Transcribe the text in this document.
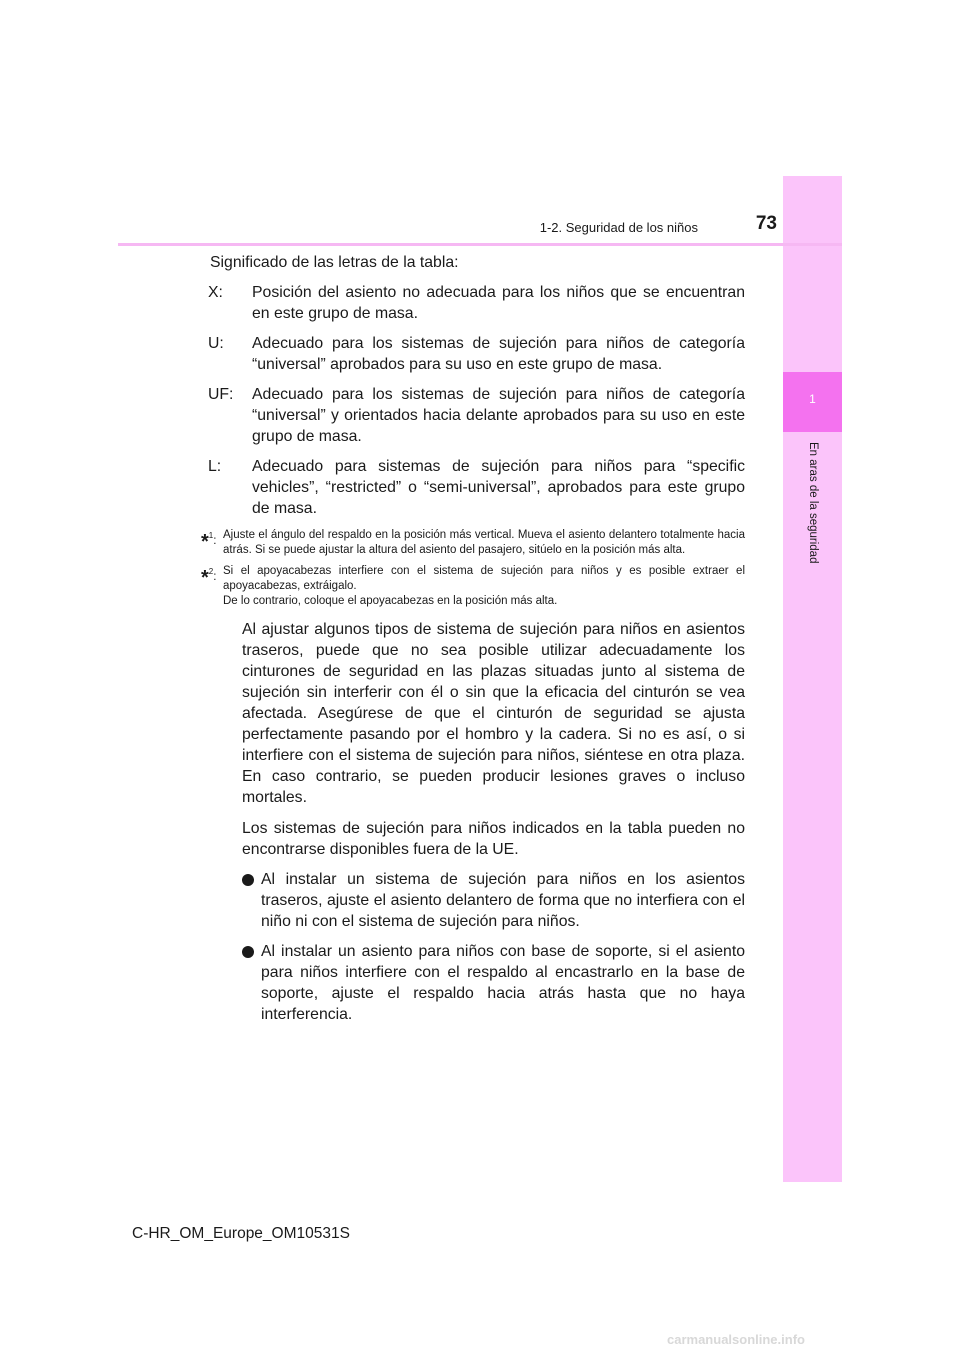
1
En aras de la seguridad
1-2. Seguridad de los niños	73

Significado de las letras de la tabla:

X:	Posición del asiento no adecuada para los niños que se encuentran en este grupo de masa.
U:	Adecuado para los sistemas de sujeción para niños de categoría “universal” aprobados para su uso en este grupo de masa.
UF:	Adecuado para los sistemas de sujeción para niños de categoría “universal” y orientados hacia delante aprobados para su uso en este grupo de masa.
L:	Adecuado para sistemas de sujeción para niños para “specific vehicles”, “restricted” o “semi-universal”, aprobados para este grupo de masa.
*$^1$: Ajuste el ángulo del respaldo en la posición más vertical. Mueva el asiento delantero totalmente hacia atrás. Si se puede ajustar la altura del asiento del pasajero, sitúelo en la posición más alta.

*$^2$: Si el apoyacabezas interfiere con el sistema de sujeción para niños y es posible extraer el apoyacabezas, extráigalo.

De lo contrario, coloque el apoyacabezas en la posición más alta.

Al ajustar algunos tipos de sistema de sujeción para niños en asientos traseros, puede que no sea posible utilizar adecuadamente los cinturones de seguridad en las plazas situadas junto al sistema de sujeción sin interferir con él o sin que la eficacia del cinturón se vea afectada. Asegúrese de que el cinturón de seguridad se ajusta perfectamente pasando por el hombro y la cadera. Si no es así, o si interfiere con el sistema de sujeción para niños, siéntese en otra plaza. En caso contrario, se pueden producir lesiones graves o incluso mortales.

Los sistemas de sujeción para niños indicados en la tabla pueden no encontrarse disponibles fuera de la UE.

Al instalar un sistema de sujeción para niños en los asientos traseros, ajuste el asiento delantero de forma que no interfiera con el niño ni con el sistema de sujeción para niños.
Al instalar un asiento para niños con base de soporte, si el asiento para niños interfiere con el respaldo al encastrarlo en la base de soporte, ajuste el respaldo hacia atrás hasta que no haya interferencia.
C-HR_OM_Europe_OM10531S
carmanualsonline.info
